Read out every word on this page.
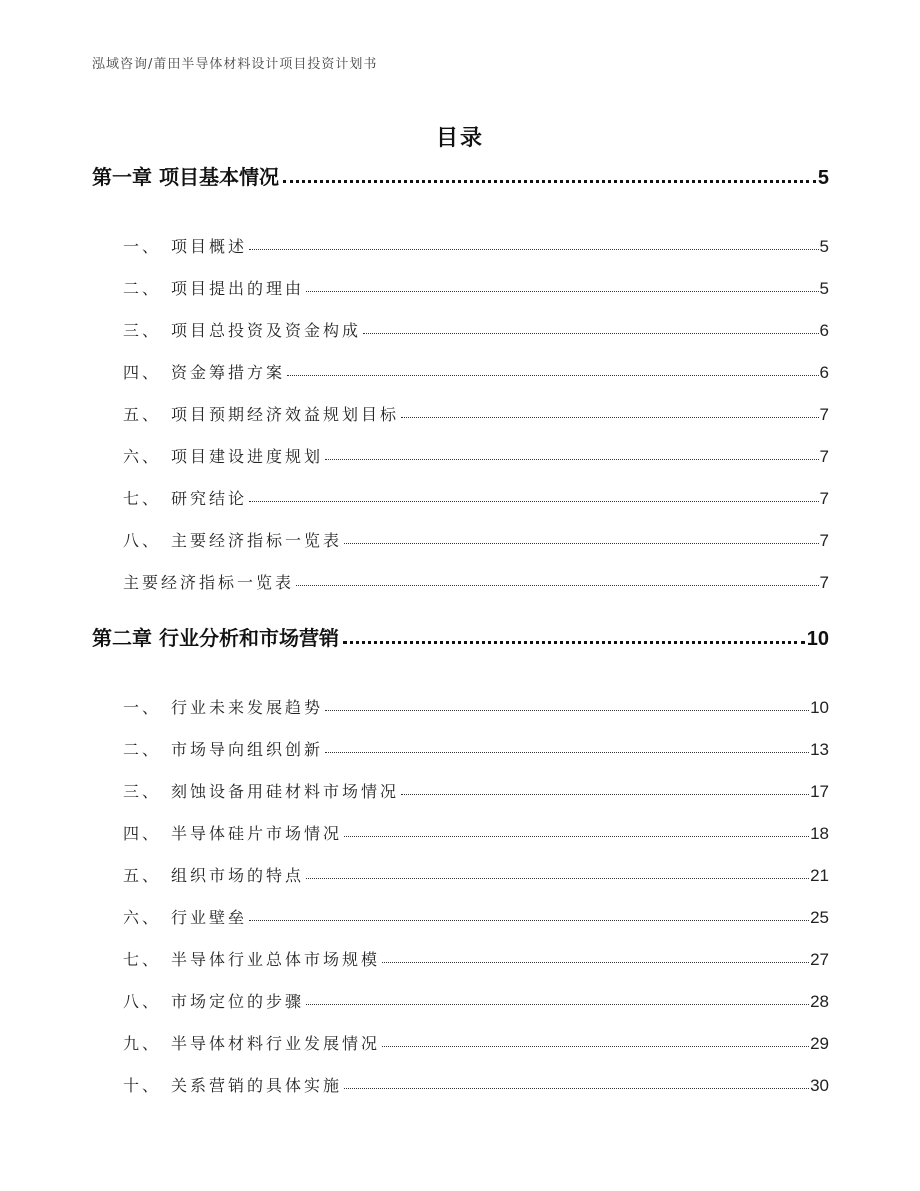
泓域咨询/莆田半导体材料设计项目投资计划书
目录
第一章 项目基本情况	5
一、 项目概述	5
二、 项目提出的理由	5
三、 项目总投资及资金构成	6
四、 资金筹措方案	6
五、 项目预期经济效益规划目标	7
六、 项目建设进度规划	7
七、 研究结论	7
八、 主要经济指标一览表	7
主要经济指标一览表	7
第二章 行业分析和市场营销	10
一、 行业未来发展趋势	10
二、 市场导向组织创新	13
三、 刻蚀设备用硅材料市场情况	17
四、 半导体硅片市场情况	18
五、 组织市场的特点	21
六、 行业壁垒	25
七、 半导体行业总体市场规模	27
八、 市场定位的步骤	28
九、 半导体材料行业发展情况	29
十、 关系营销的具体实施	30
